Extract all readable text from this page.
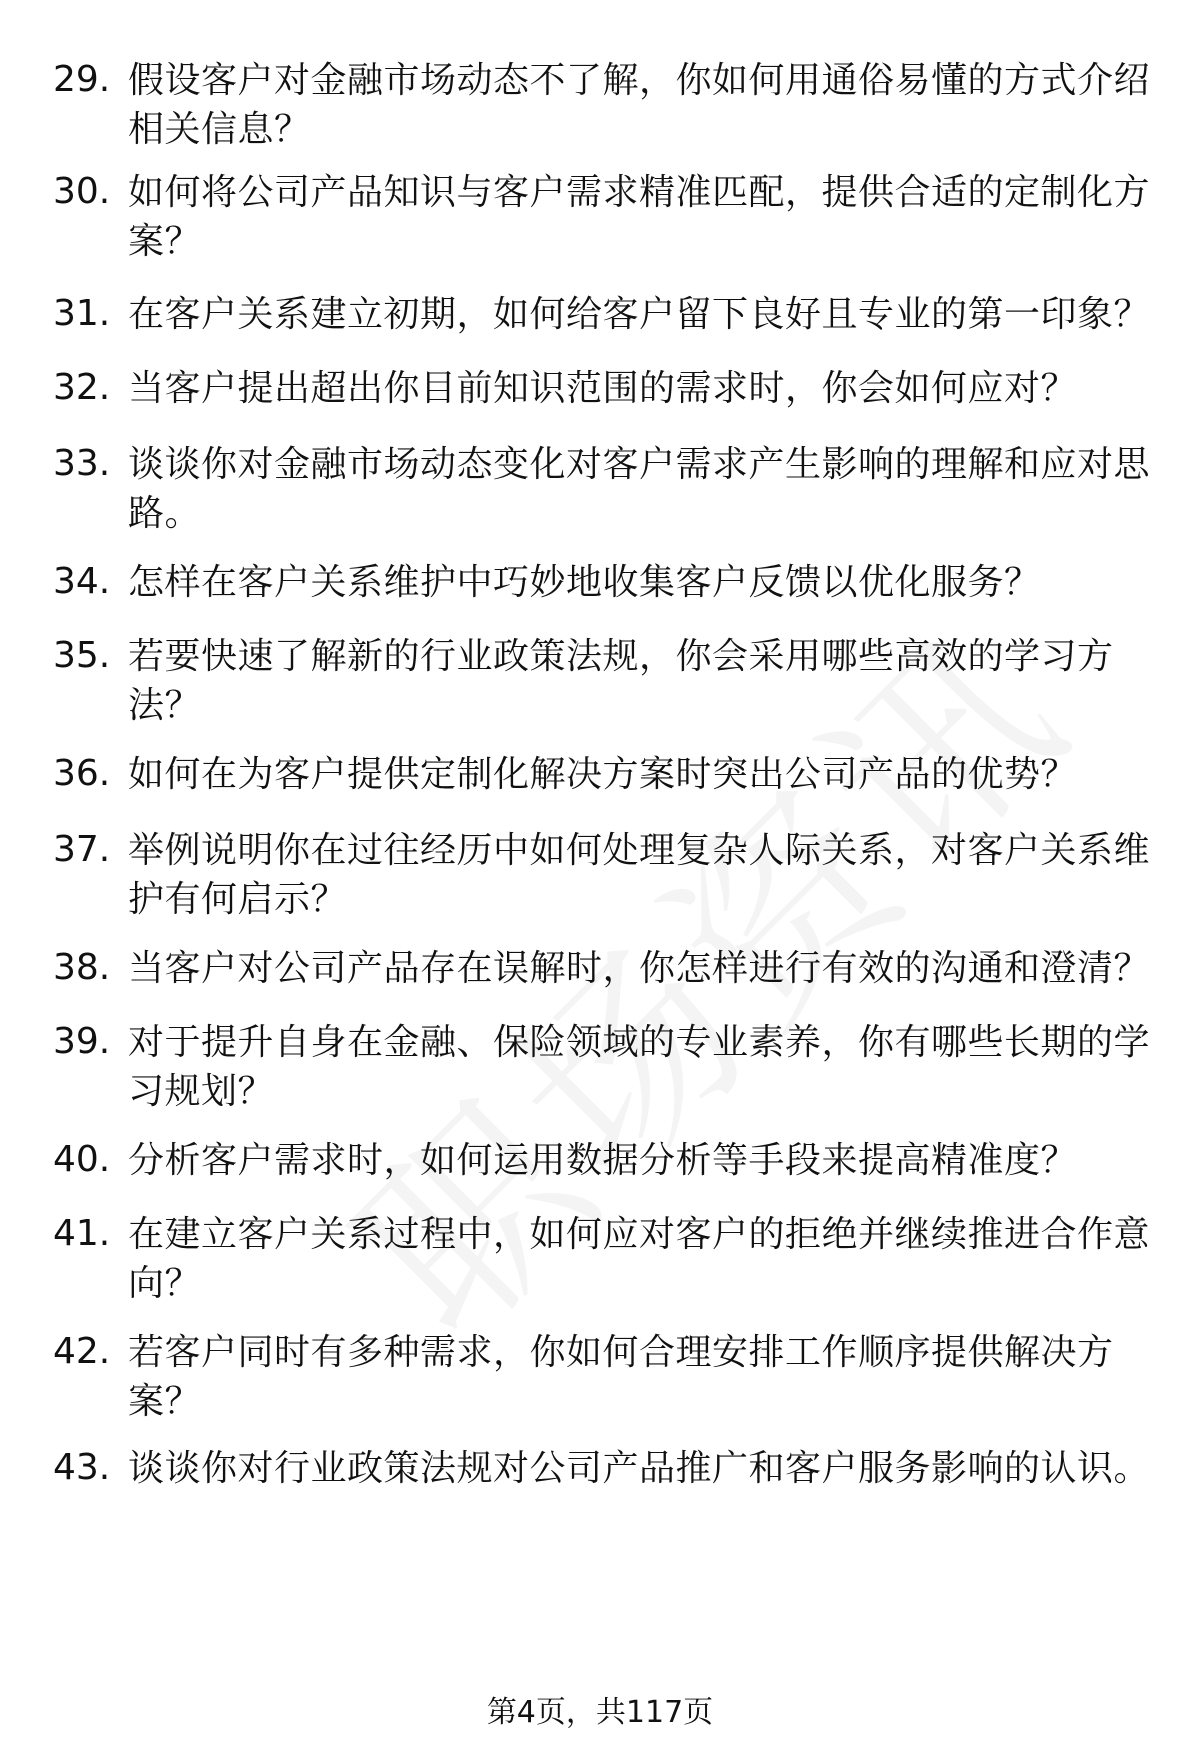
29. 假设客户对金融市场动态不了解，你如何用通俗易懂的方式介绍相关信息？
30. 如何将公司产品知识与客户需求精准匹配，提供合适的定制化方案？
31. 在客户关系建立初期，如何给客户留下良好且专业的第一印象？
32. 当客户提出超出你目前知识范围的需求时，你会如何应对？
33. 谈谈你对金融市场动态变化对客户需求产生影响的理解和应对思路。
34. 怎样在客户关系维护中巧妙地收集客户反馈以优化服务？
35. 若要快速了解新的行业政策法规，你会采用哪些高效的学习方法？
36. 如何在为客户提供定制化解决方案时突出公司产品的优势？
37. 举例说明你在过往经历中如何处理复杂人际关系，对客户关系维护有何启示？
38. 当客户对公司产品存在误解时，你怎样进行有效的沟通和澄清？
39. 对于提升自身在金融、保险领域的专业素养，你有哪些长期的学习规划？
40. 分析客户需求时，如何运用数据分析等手段来提高精准度？
41. 在建立客户关系过程中，如何应对客户的拒绝并继续推进合作意向？
42. 若客户同时有多种需求，你如何合理安排工作顺序提供解决方案？
43. 谈谈你对行业政策法规对公司产品推广和客户服务影响的认识。
第4页，共117页
